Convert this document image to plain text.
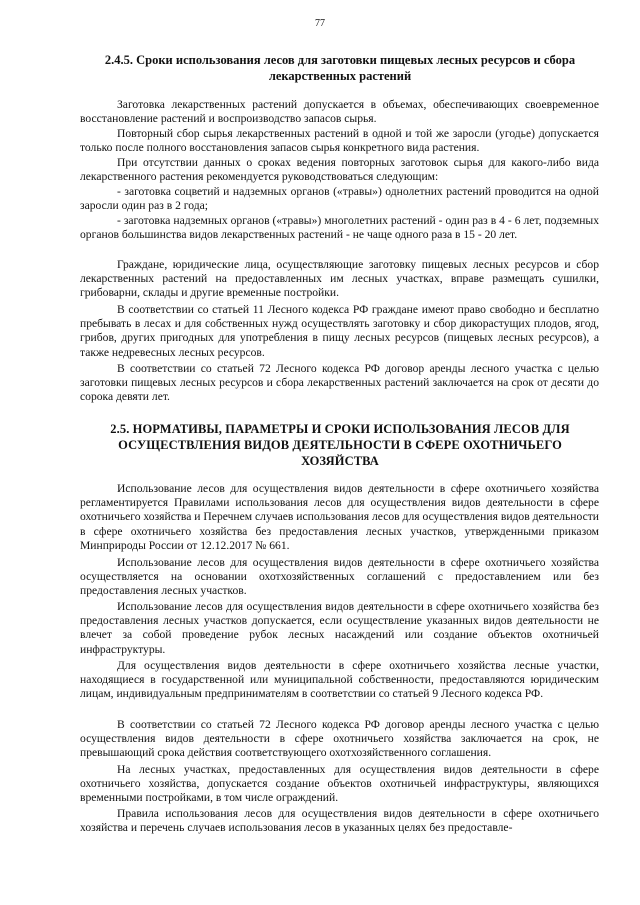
77
2.4.5. Сроки использования лесов для заготовки пищевых лесных ресурсов и сбора лекарственных растений

Заготовка лекарственных растений допускается в объемах, обеспечивающих своевременное восстановление растений и воспроизводство запасов сырья.

Повторный сбор сырья лекарственных растений в одной и той же заросли (угодье) допускается только после полного восстановления запасов сырья конкретного вида растения.

При отсутствии данных о сроках ведения повторных заготовок сырья для какого-либо вида лекарственного растения рекомендуется руководствоваться следующим:

- заготовка соцветий и надземных органов («травы») однолетних растений проводится на одной заросли один раз в 2 года;

- заготовка надземных органов («травы») многолетних растений - один раз в 4 - 6 лет, подземных органов большинства видов лекарственных растений - не чаще одного раза в 15 - 20 лет.

Граждане, юридические лица, осуществляющие заготовку пищевых лесных ресурсов и сбор лекарственных растений на предоставленных им лесных участках, вправе размещать сушилки, грибоварни, склады и другие временные постройки.

В соответствии со статьей 11 Лесного кодекса РФ граждане имеют право свободно и бесплатно пребывать в лесах и для собственных нужд осуществлять заготовку и сбор дикорастущих плодов, ягод, грибов, других пригодных для употребления в пищу лесных ресурсов (пищевых лесных ресурсов), а также недревесных лесных ресурсов.

В соответствии со статьей 72 Лесного кодекса РФ договор аренды лесного участка с целью заготовки пищевых лесных ресурсов и сбора лекарственных растений заключается на срок от десяти до сорока девяти лет.

2.5. НОРМАТИВЫ, ПАРАМЕТРЫ И СРОКИ ИСПОЛЬЗОВАНИЯ ЛЕСОВ ДЛЯ ОСУЩЕСТВЛЕНИЯ ВИДОВ ДЕЯТЕЛЬНОСТИ В СФЕРЕ ОХОТНИЧЬЕГО ХОЗЯЙСТВА

Использование лесов для осуществления видов деятельности в сфере охотничьего хозяйства регламентируется Правилами использования лесов для осуществления видов деятельности в сфере охотничьего хозяйства и Перечнем случаев использования лесов для осуществления видов деятельности в сфере охотничьего хозяйства без предоставления лесных участков, утвержденными приказом Минприроды России от 12.12.2017 № 661.

Использование лесов для осуществления видов деятельности в сфере охотничьего хозяйства осуществляется на основании охотхозяйственных соглашений с предоставлением или без предоставления лесных участков.

Использование лесов для осуществления видов деятельности в сфере охотничьего хозяйства без предоставления лесных участков допускается, если осуществление указанных видов деятельности не влечет за собой проведение рубок лесных насаждений или создание объектов охотничьей инфраструктуры.

Для осуществления видов деятельности в сфере охотничьего хозяйства лесные участки, находящиеся в государственной или муниципальной собственности, предоставляются юридическим лицам, индивидуальным предпринимателям в соответствии со статьей 9 Лесного кодекса РФ.

В соответствии со статьей 72 Лесного кодекса РФ договор аренды лесного участка с целью осуществления видов деятельности в сфере охотничьего хозяйства заключается на срок, не превышающий срока действия соответствующего охотхозяйственного соглашения.

На лесных участках, предоставленных для осуществления видов деятельности в сфере охотничьего хозяйства, допускается создание объектов охотничьей инфраструктуры, являющихся временными постройками, в том числе ограждений.

Правила использования лесов для осуществления видов деятельности в сфере охотничьего хозяйства и перечень случаев использования лесов в указанных целях без предоставле-
